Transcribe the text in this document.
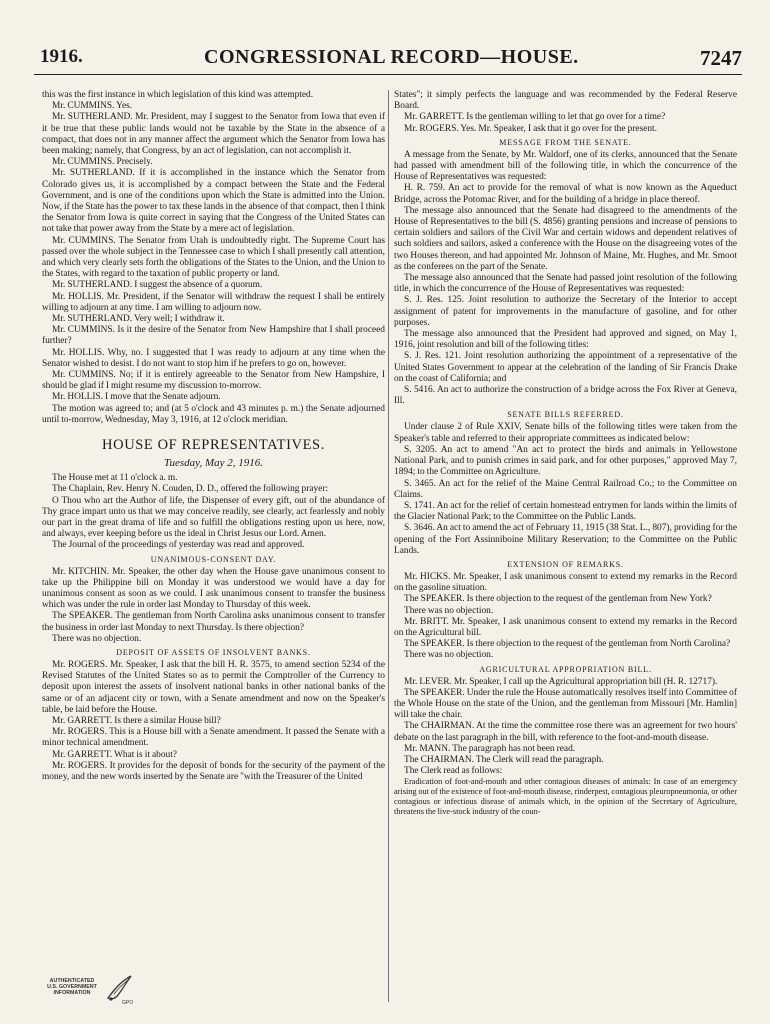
1916.	CONGRESSIONAL RECORD—HOUSE.	7247

this was the first instance in which legislation of this kind was attempted.

Mr. CUMMINS. Yes.

Mr. SUTHERLAND. Mr. President, may I suggest to the Senator from Iowa that even if it be true that these public lands would not be taxable by the State in the absence of a compact, that does not in any manner affect the argument which the Senator from Iowa has been making; namely, that Congress, by an act of legislation, can not accomplish it.

Mr. CUMMINS. Precisely.

Mr. SUTHERLAND. If it is accomplished in the instance which the Senator from Colorado gives us, it is accomplished by a compact between the State and the Federal Government, and is one of the conditions upon which the State is admitted into the Union. Now, if the State has the power to tax these lands in the absence of that compact, then I think the Senator from Iowa is quite correct in saying that the Congress of the United States can not take that power away from the State by a mere act of legislation.

Mr. CUMMINS. The Senator from Utah is undoubtedly right. The Supreme Court has passed over the whole subject in the Tennessee case to which I shall presently call attention, and which very clearly sets forth the obligations of the States to the Union, and the Union to the States, with regard to the taxation of public property or land.

Mr. SUTHERLAND. I suggest the absence of a quorum.

Mr. HOLLIS. Mr. President, if the Senator will withdraw the request I shall be entirely willing to adjourn at any time. I am willing to adjourn now.

Mr. SUTHERLAND. Very well; I withdraw it.

Mr. CUMMINS. Is it the desire of the Senator from New Hampshire that I shall proceed further?

Mr. HOLLIS. Why, no. I suggested that I was ready to adjourn at any time when the Senator wished to desist. I do not want to stop him if he prefers to go on, however.

Mr. CUMMINS. No; if it is entirely agreeable to the Senator from New Hampshire, I should be glad if I might resume my discussion to-morrow.

Mr. HOLLIS. I move that the Senate adjourn.

The motion was agreed to; and (at 5 o'clock and 43 minutes p. m.) the Senate adjourned until to-morrow, Wednesday, May 3, 1916, at 12 o'clock meridian.

HOUSE OF REPRESENTATIVES.
Tuesday, May 2, 1916.

The House met at 11 o'clock a. m.

The Chaplain, Rev. Henry N. Couden, D. D., offered the following prayer:

O Thou who art the Author of life, the Dispenser of every gift, out of the abundance of Thy grace impart unto us that we may conceive readily, see clearly, act fearlessly and nobly our part in the great drama of life and so fulfill the obligations resting upon us here, now, and always, ever keeping before us the ideal in Christ Jesus our Lord. Amen.

The Journal of the proceedings of yesterday was read and approved.

UNANIMOUS-CONSENT DAY.

Mr. KITCHIN. Mr. Speaker, the other day when the House gave unanimous consent to take up the Philippine bill on Monday it was understood we would have a day for unanimous consent as soon as we could. I ask unanimous consent to transfer the business which was under the rule in order last Monday to Thursday of this week.

The SPEAKER. The gentleman from North Carolina asks unanimous consent to transfer the business in order last Monday to next Thursday. Is there objection?

There was no objection.

DEPOSIT OF ASSETS OF INSOLVENT BANKS.

Mr. ROGERS. Mr. Speaker, I ask that the bill H. R. 3575, to amend section 5234 of the Revised Statutes of the United States so as to permit the Comptroller of the Currency to deposit upon interest the assets of insolvent national banks in other national banks of the same or of an adjacent city or town, with a Senate amendment and now on the Speaker's table, be laid before the House.

Mr. GARRETT. Is there a similar House bill?

Mr. ROGERS. This is a House bill with a Senate amendment. It passed the Senate with a minor technical amendment.

Mr. GARRETT. What is it about?

Mr. ROGERS. It provides for the deposit of bonds for the security of the payment of the money, and the new words inserted by the Senate are "with the Treasurer of the United

States"; it simply perfects the language and was recommended by the Federal Reserve Board.

Mr. GARRETT. Is the gentleman willing to let that go over for a time?

Mr. ROGERS. Yes. Mr. Speaker, I ask that it go over for the present.

MESSAGE FROM THE SENATE.

A message from the Senate, by Mr. Waldorf, one of its clerks, announced that the Senate had passed with amendment bill of the following title, in which the concurrence of the House of Representatives was requested:

H. R. 759. An act to provide for the removal of what is now known as the Aqueduct Bridge, across the Potomac River, and for the building of a bridge in place thereof.

The message also announced that the Senate had disagreed to the amendments of the House of Representatives to the bill (S. 4856) granting pensions and increase of pensions to certain soldiers and sailors of the Civil War and certain widows and dependent relatives of such soldiers and sailors, asked a conference with the House on the disagreeing votes of the two Houses thereon, and had appointed Mr. Johnson of Maine, Mr. Hughes, and Mr. Smoot as the conferees on the part of the Senate.

The message also announced that the Senate had passed joint resolution of the following title, in which the concurrence of the House of Representatives was requested:

S. J. Res. 125. Joint resolution to authorize the Secretary of the Interior to accept assignment of patent for improvements in the manufacture of gasoline, and for other purposes.

The message also announced that the President had approved and signed, on May 1, 1916, joint resolution and bill of the following titles:

S. J. Res. 121. Joint resolution authorizing the appointment of a representative of the United States Government to appear at the celebration of the landing of Sir Francis Drake on the coast of California; and

S. 5416. An act to authorize the construction of a bridge across the Fox River at Geneva, Ill.

SENATE BILLS REFERRED.

Under clause 2 of Rule XXIV, Senate bills of the following titles were taken from the Speaker's table and referred to their appropriate committees as indicated below:

S. 3205. An act to amend "An act to protect the birds and animals in Yellowstone National Park, and to punish crimes in said park, and for other purposes," approved May 7, 1894; to the Committee on Agriculture.

S. 3465. An act for the relief of the Maine Central Railroad Co.; to the Committee on Claims.

S. 1741. An act for the relief of certain homestead entrymen for lands within the limits of the Glacier National Park; to the Committee on the Public Lands.

S. 3646. An act to amend the act of February 11, 1915 (38 Stat. L., 807), providing for the opening of the Fort Assinniboine Military Reservation; to the Committee on the Public Lands.

EXTENSION OF REMARKS.

Mr. HICKS. Mr. Speaker, I ask unanimous consent to extend my remarks in the Record on the gasoline situation.

The SPEAKER. Is there objection to the request of the gentleman from New York?

There was no objection.

Mr. BRITT. Mr. Speaker, I ask unanimous consent to extend my remarks in the Record on the Agricultural bill.

The SPEAKER. Is there objection to the request of the gentleman from North Carolina?

There was no objection.

AGRICULTURAL APPROPRIATION BILL.

Mr. LEVER. Mr. Speaker, I call up the Agricultural appropriation bill (H. R. 12717).

The SPEAKER. Under the rule the House automatically resolves itself into Committee of the Whole House on the state of the Union, and the gentleman from Missouri [Mr. Hamlin] will take the chair.

The CHAIRMAN. At the time the committee rose there was an agreement for two hours' debate on the last paragraph in the bill, with reference to the foot-and-mouth disease.

Mr. MANN. The paragraph has not been read.

The CHAIRMAN. The Clerk will read the paragraph.

The Clerk read as follows:

Eradication of foot-and-mouth and other contagious diseases of animals: In case of an emergency arising out of the existence of foot-and-mouth disease, rinderpest, contagious pleuropneumonia, or other contagious or infectious disease of animals which, in the opinion of the Secretary of Agriculture, threatens the live-stock industry of the coun-

AUTHENTICATED
U.S. GOVERNMENT
INFORMATION
GPO
